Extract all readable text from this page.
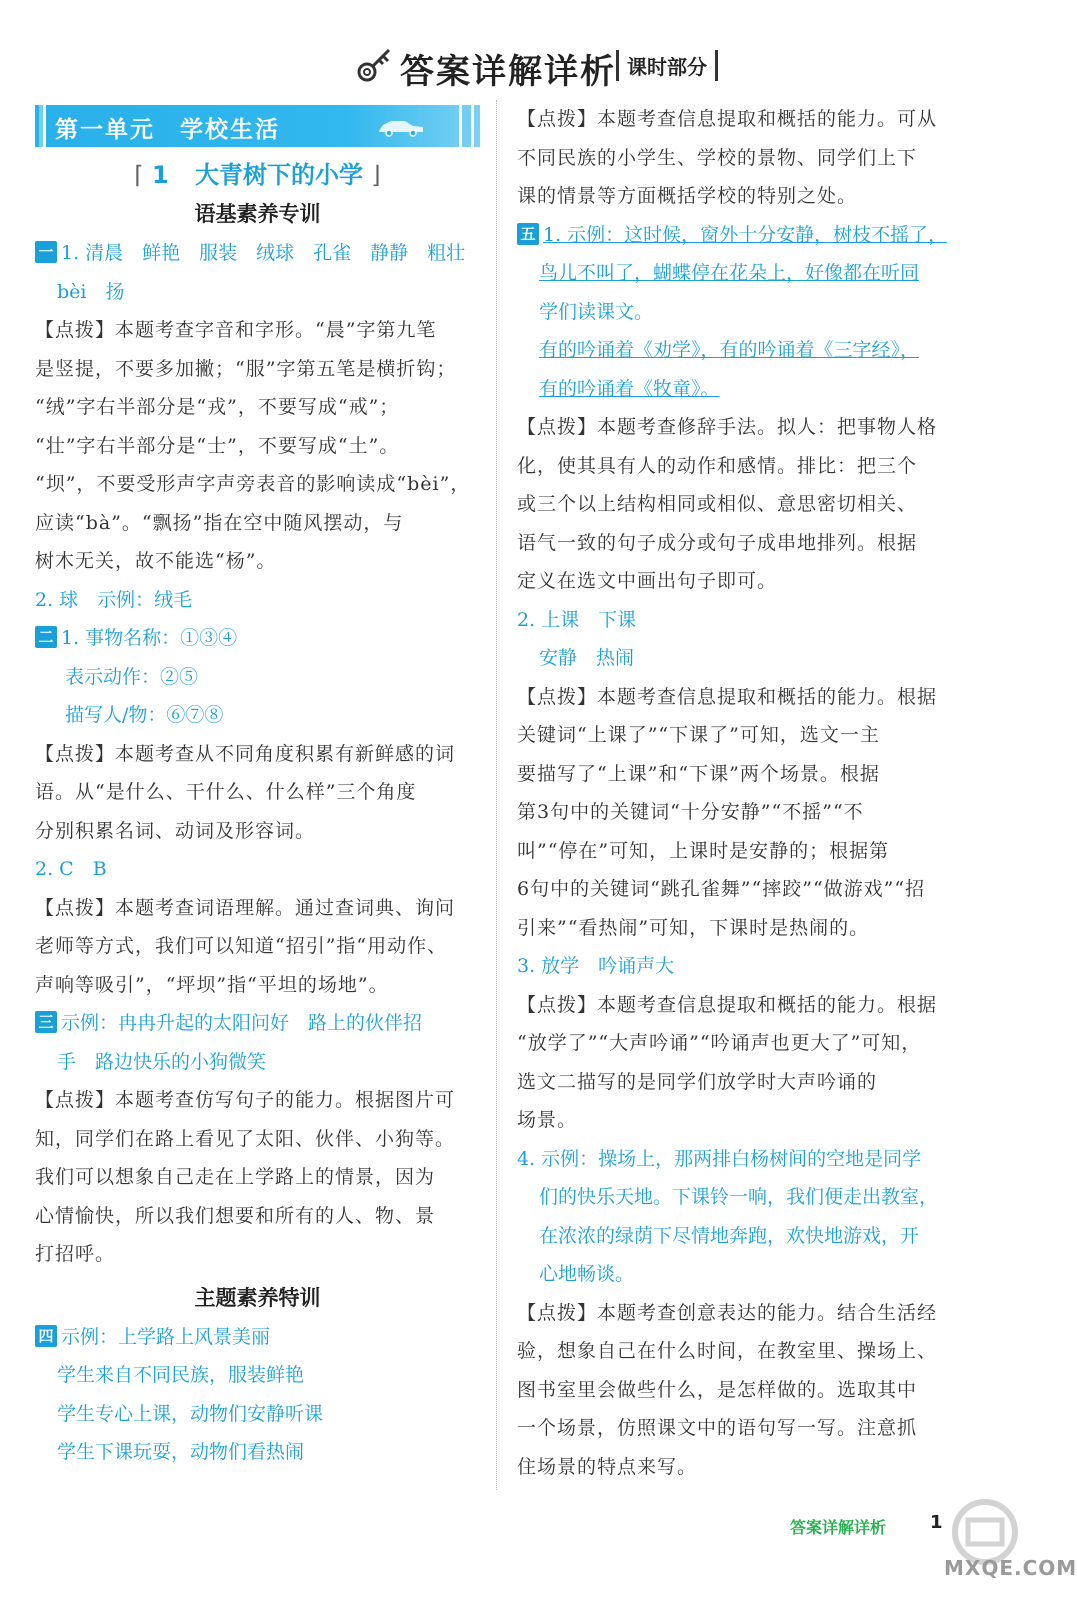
答案详解详析 课时部分
第一单元　学校生活
⌈ 1 大青树下的小学 ⌋
语基素养专训
一 1. 清晨　鲜艳　服装　绒球　孔雀　静静　粗壮
bèi　扬
【点拨】本题考查字音和字形。“晨”字第九笔
是竖提，不要多加撇；“服”字第五笔是横折钩；
“绒”字右半部分是“戎”，不要写成“戒”；
“壮”字右半部分是“士”，不要写成“土”。
“坝”，不要受形声字声旁表音的影响读成“bèi”，
应读“bà”。“飘扬”指在空中随风摆动，与
树木无关，故不能选“杨”。
2. 球　示例：绒毛
二 1. 事物名称：①③④
表示动作：②⑤
描写人/物：⑥⑦⑧
【点拨】本题考查从不同角度积累有新鲜感的词
语。从“是什么、干什么、什么样”三个角度
分别积累名词、动词及形容词。
2. C　B
【点拨】本题考查词语理解。通过查词典、询问
老师等方式，我们可以知道“招引”指“用动作、
声响等吸引”，“坪坝”指“平坦的场地”。
三 示例：冉冉升起的太阳问好　路上的伙伴招
手　路边快乐的小狗微笑
【点拨】本题考查仿写句子的能力。根据图片可
知，同学们在路上看见了太阳、伙伴、小狗等。
我们可以想象自己走在上学路上的情景，因为
心情愉快，所以我们想要和所有的人、物、景
打招呼。
主题素养特训
四 示例：上学路上风景美丽
学生来自不同民族，服装鲜艳
学生专心上课，动物们安静听课
学生下课玩耍，动物们看热闹
【点拨】本题考查信息提取和概括的能力。可从
不同民族的小学生、学校的景物、同学们上下
课的情景等方面概括学校的特别之处。
五 1. 示例：这时候，窗外十分安静，树枝不摇了，
鸟儿不叫了，蝴蝶停在花朵上，好像都在听同
学们读课文。
有的吟诵着《劝学》，有的吟诵着《三字经》，
有的吟诵着《牧童》。
【点拨】本题考查修辞手法。拟人：把事物人格
化，使其具有人的动作和感情。排比：把三个
或三个以上结构相同或相似、意思密切相关、
语气一致的句子成分或句子成串地排列。根据
定义在选文中画出句子即可。
2. 上课　下课
安静　热闹
【点拨】本题考查信息提取和概括的能力。根据
关键词“上课了”“下课了”可知，选文一主
要描写了“上课”和“下课”两个场景。根据
第3句中的关键词“十分安静”“不摇”“不
叫”“停在”可知，上课时是安静的；根据第
6句中的关键词“跳孔雀舞”“摔跤”“做游戏”“招
引来”“看热闹”可知，下课时是热闹的。
3. 放学　吟诵声大
【点拨】本题考查信息提取和概括的能力。根据
“放学了”“大声吟诵”“吟诵声也更大了”可知，
选文二描写的是同学们放学时大声吟诵的
场景。
4. 示例：操场上，那两排白杨树间的空地是同学
们的快乐天地。下课铃一响，我们便走出教室，
在浓浓的绿荫下尽情地奔跑，欢快地游戏，开
心地畅谈。
【点拨】本题考查创意表达的能力。结合生活经
验，想象自己在什么时间，在教室里、操场上、
图书室里会做些什么，是怎样做的。选取其中
一个场景，仿照课文中的语句写一写。注意抓
住场景的特点来写。
答案详解详析 1
MXQE.COM
